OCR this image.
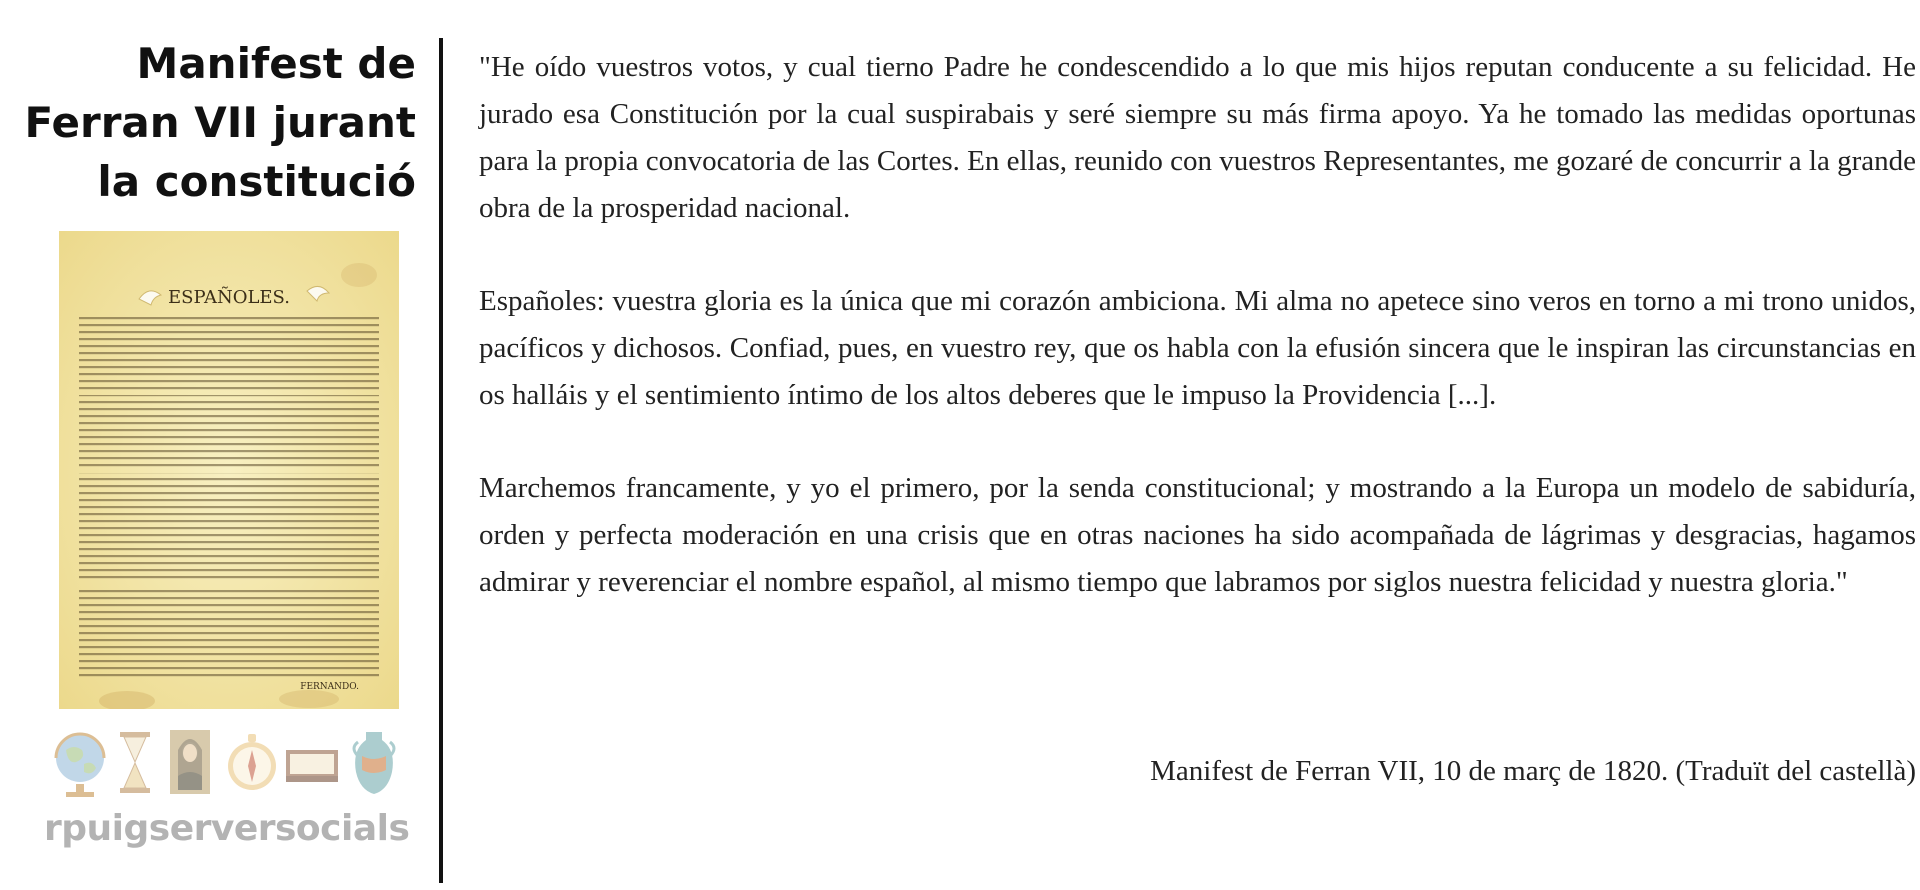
Manifest de
Ferran VII jurant
la constitució
ESPAÑOLES.
FERNANDO.
rpuigserversocials

"He oído vuestros votos, y cual tierno Padre he condescendido a lo que mis hijos reputan conducente a su felicidad. He jurado esa Constitución por la cual suspirabais y seré siempre su más firma apoyo. Ya he tomado las medidas oportunas para la propia convocatoria de las Cortes. En ellas, reunido con vuestros Representantes, me gozaré de concurrir a la grande obra de la prosperidad nacional.

Españoles: vuestra gloria es la única que mi corazón ambiciona. Mi alma no apetece sino veros en torno a mi trono unidos, pacíficos y dichosos. Confiad, pues, en vuestro rey, que os habla con la efusión sincera que le inspiran las circunstancias en os halláis y el sentimiento íntimo de los altos deberes que le impuso la Providencia [...].

Marchemos francamente, y yo el primero, por la senda constitucional; y mostrando a la Europa un modelo de sabiduría, orden y perfecta moderación en una crisis que en otras naciones ha sido acompañada de lágrimas y desgracias, hagamos admirar y reverenciar el nombre español, al mismo tiempo que labramos por siglos nuestra felicidad y nuestra gloria."

Manifest de Ferran VII, 10 de març de 1820. (Traduït del castellà)
